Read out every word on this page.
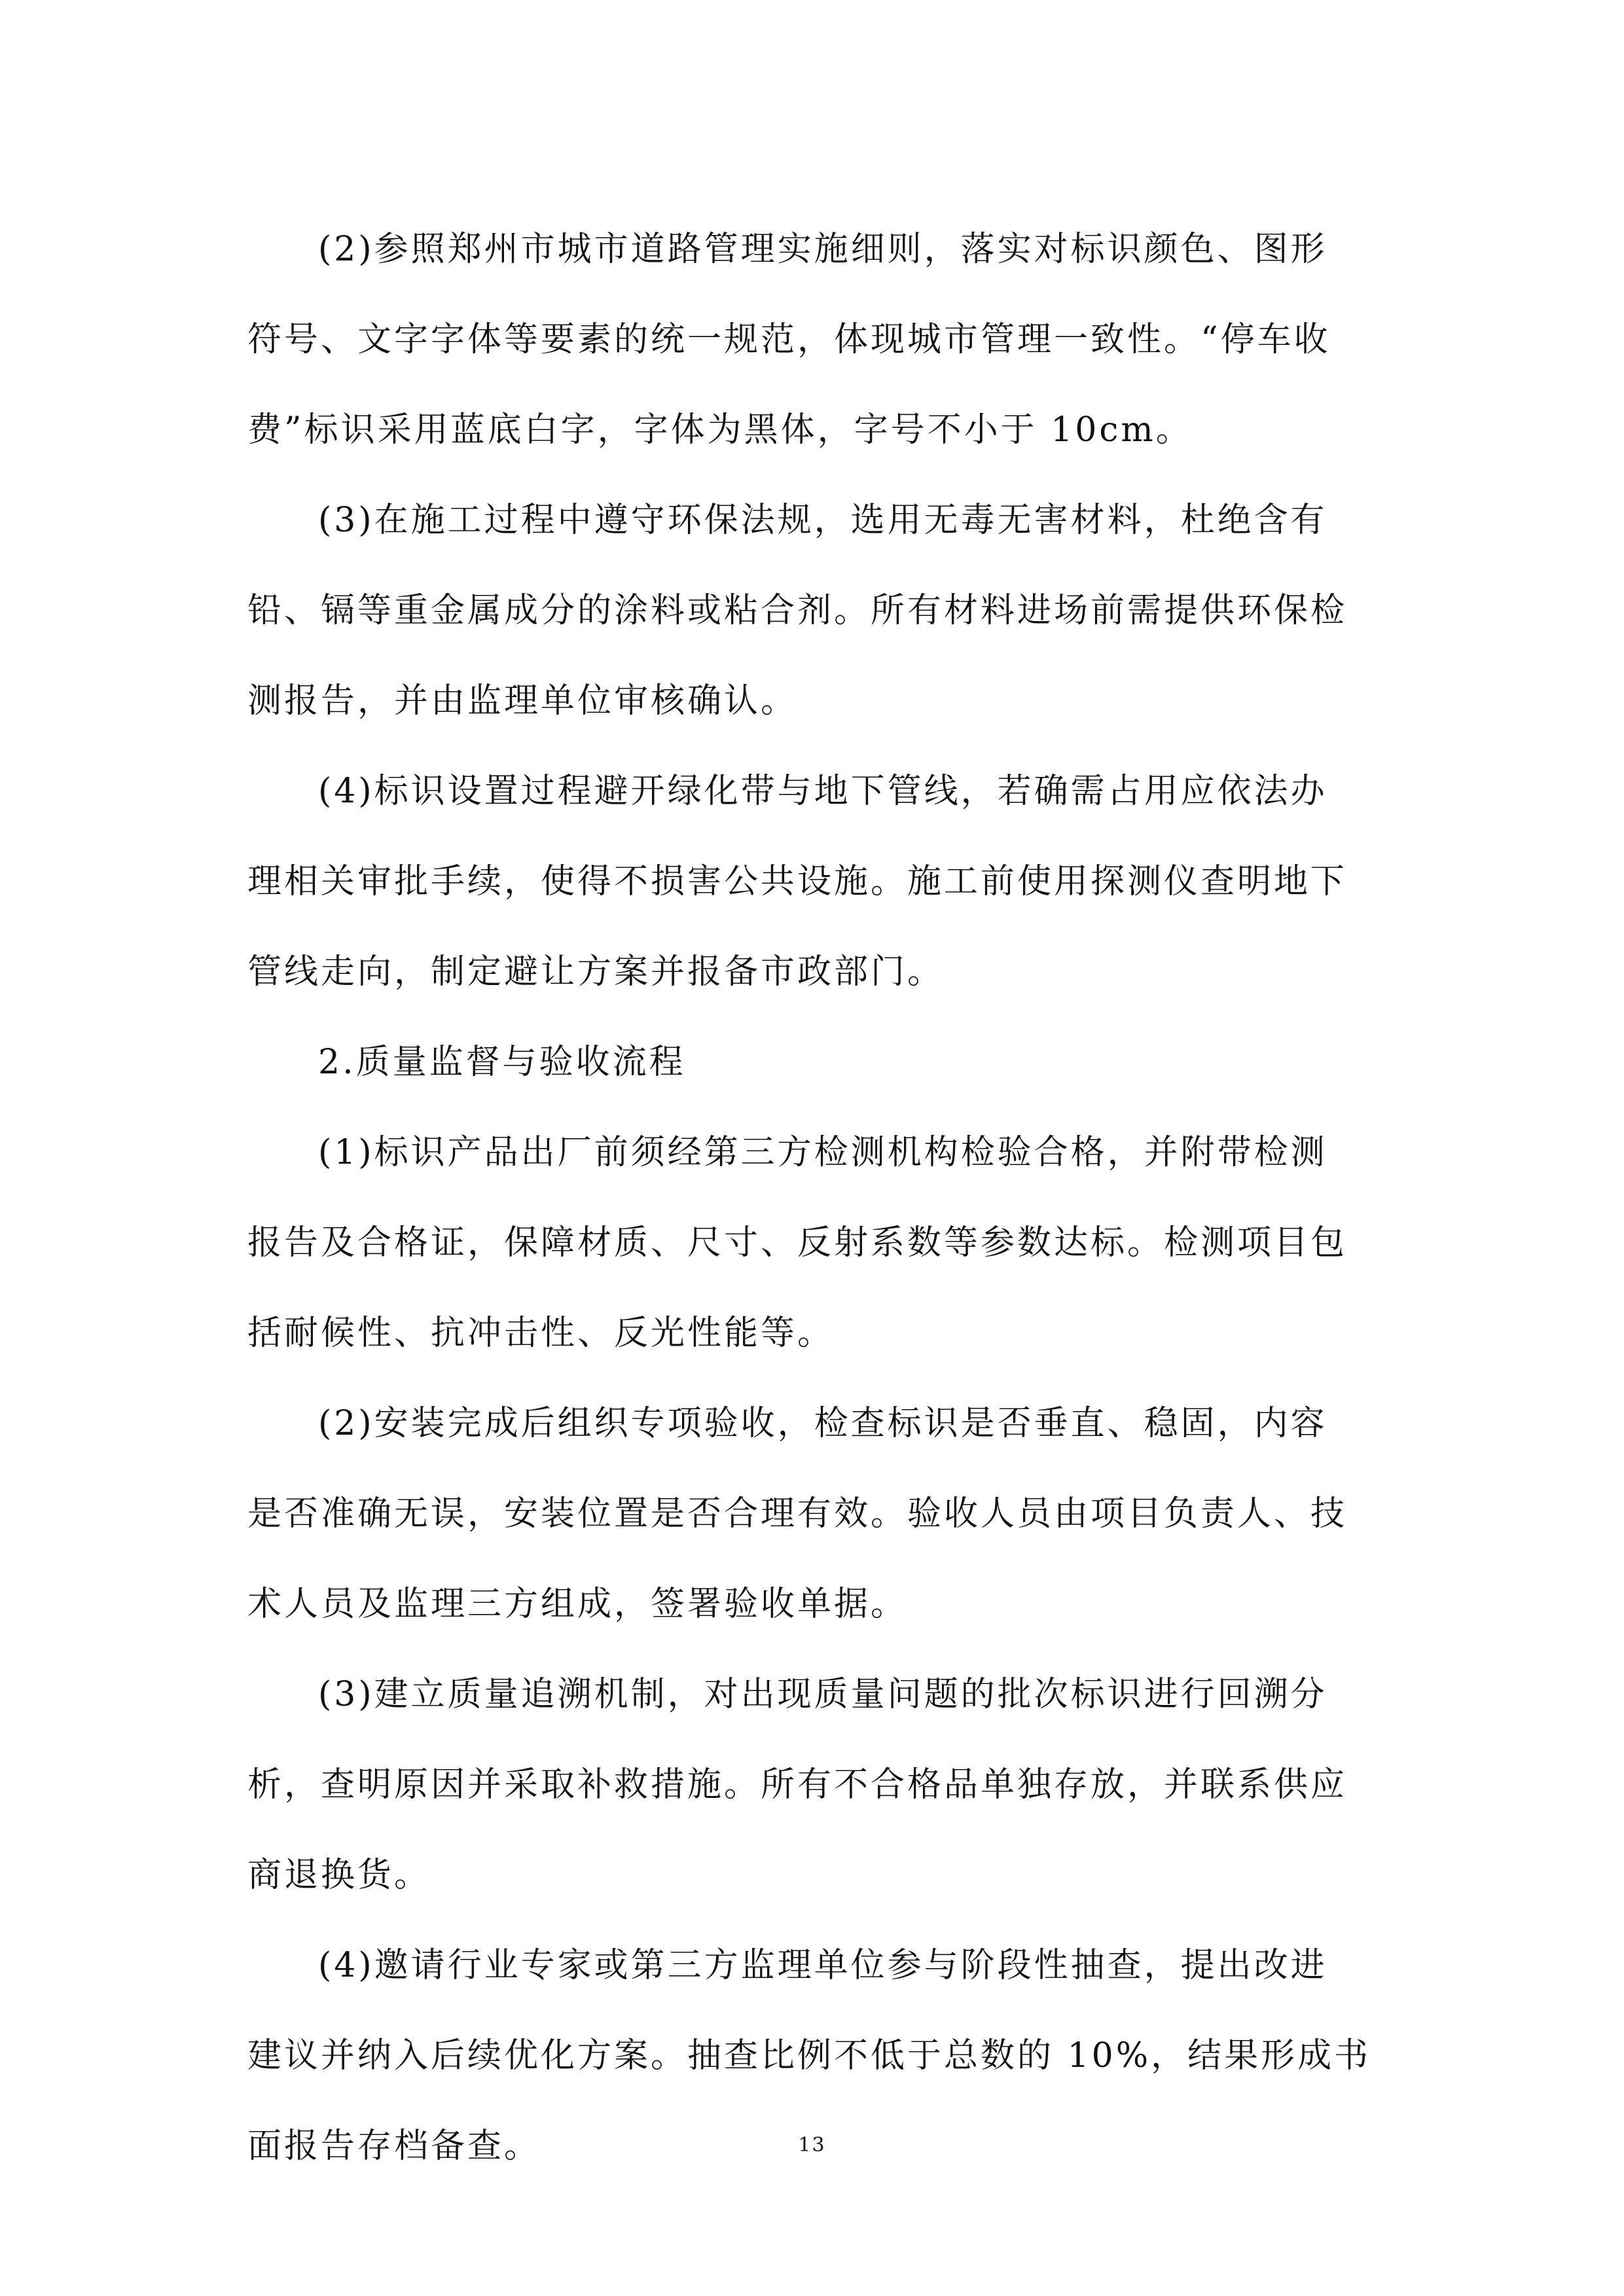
(2)参照郑州市城市道路管理实施细则，落实对标识颜色、图形
符号、文字字体等要素的统一规范，体现城市管理一致性。“停车收
费”标识采用蓝底白字，字体为黑体，字号不小于 10cm。

(3)在施工过程中遵守环保法规，选用无毒无害材料，杜绝含有
铅、镉等重金属成分的涂料或粘合剂。所有材料进场前需提供环保检
测报告，并由监理单位审核确认。

(4)标识设置过程避开绿化带与地下管线，若确需占用应依法办
理相关审批手续，使得不损害公共设施。施工前使用探测仪查明地下
管线走向，制定避让方案并报备市政部门。

2.质量监督与验收流程

(1)标识产品出厂前须经第三方检测机构检验合格，并附带检测
报告及合格证，保障材质、尺寸、反射系数等参数达标。检测项目包
括耐候性、抗冲击性、反光性能等。

(2)安装完成后组织专项验收，检查标识是否垂直、稳固，内容
是否准确无误，安装位置是否合理有效。验收人员由项目负责人、技
术人员及监理三方组成，签署验收单据。

(3)建立质量追溯机制，对出现质量问题的批次标识进行回溯分
析，查明原因并采取补救措施。所有不合格品单独存放，并联系供应
商退换货。

(4)邀请行业专家或第三方监理单位参与阶段性抽查，提出改进
建议并纳入后续优化方案。抽查比例不低于总数的 10%，结果形成书
面报告存档备查。	13
